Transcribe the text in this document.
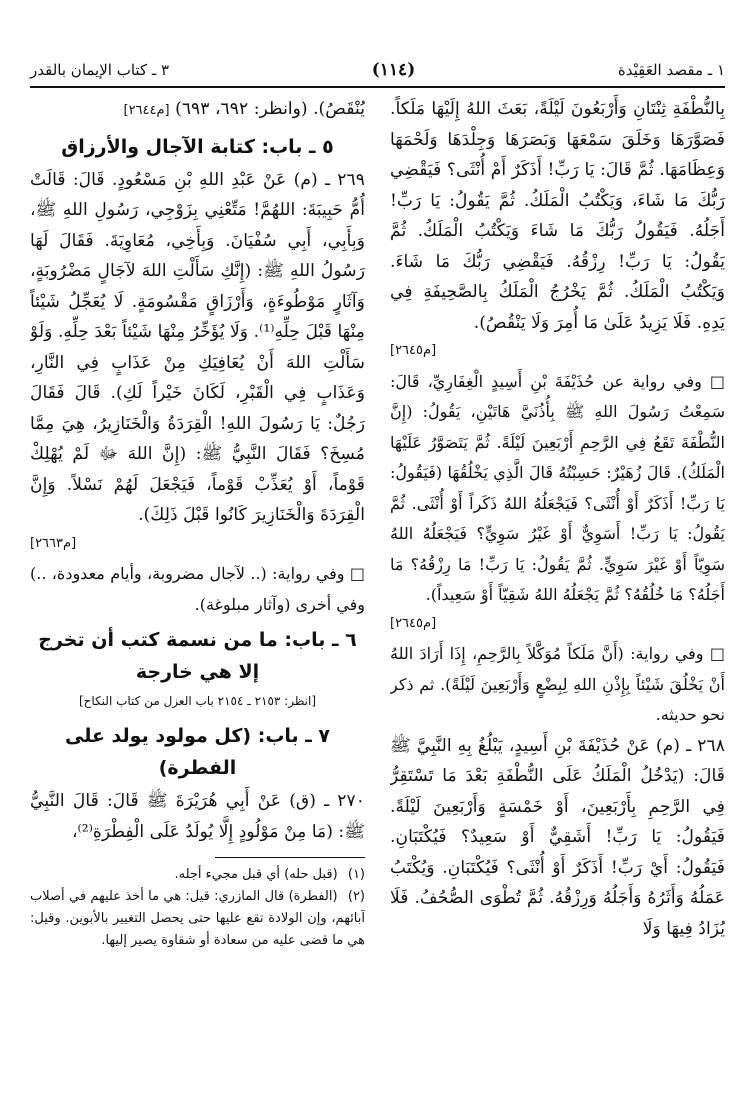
١ ـ مقصد العَقِيْدة
(١١٤)
٣ ـ كتاب الإيمان بالقدر

بِالنُّطْفَةِ ثِنْتَانِ وَأَرْبَعُونَ لَيْلَةً، بَعَثَ اللهُ إِلَيْهَا مَلَكاً. فَصَوَّرَهَا وَخَلَقَ سَمْعَهَا وَبَصَرَهَا وَجِلْدَهَا وَلَحْمَهَا وَعِظَامَهَا. ثُمَّ قَالَ: يَا رَبِّ! أَذَكَرٌ أَمْ أُنْثَى؟ فَيَقْضِي رَبُّكَ مَا شَاءَ، وَيَكْتُبُ الْمَلَكُ. ثُمَّ يَقُولُ: يَا رَبِّ! أَجَلُهُ. فَيَقُولُ رَبُّكَ مَا شَاءَ وَيَكْتُبُ الْمَلَكُ. ثُمَّ يَقُولُ: يَا رَبِّ! رِزْقُهُ. فَيَقْضِي رَبُّكَ مَا شَاءَ. وَيَكْتُبُ الْمَلَكُ. ثُمَّ يَخْرُجُ الْمَلَكُ بِالصَّحِيفَةِ فِي يَدِهِ. فَلَا يَزِيدُ عَلَىٰ مَا أُمِرَ وَلَا يَنْقُصُ).

[م٢٦٤٥]

□ وفي رواية عن حُذَيْفَةَ بْنِ أَسِيدٍ الْغِفَارِيِّ، قَالَ: سَمِعْتُ رَسُولَ اللهِ ﷺ بِأُذُنَيَّ هَاتَيْنِ، يَقُولُ: (إِنَّ النُّطْفَةَ تَقَعُ فِي الرَّحِمِ أَرْبَعِينَ لَيْلَةً. ثُمَّ يَتَصَوَّرُ عَلَيْهَا الْمَلَكُ). قَالَ زُهَيْرٌ: حَسِبْتُهُ قَالَ الَّذِي يَخْلُقُهَا (فَيَقُولُ: يَا رَبِّ! أَذَكَرٌ أَوْ أُنْثَى؟ فَيَجْعَلُهُ اللهُ ذَكَراً أَوْ أُنْثَى. ثُمَّ يَقُولُ: يَا رَبِّ! أَسَوِيٌّ أَوْ غَيْرُ سَوِيٍّ؟ فَيَجْعَلُهُ اللهُ سَوِيّاً أَوْ غَيْرَ سَوِيٍّ. ثُمَّ يَقُولُ: يَا رَبِّ! مَا رِزْقُهُ؟ مَا أَجَلُهُ؟ مَا خُلُقُهُ؟ ثُمَّ يَجْعَلُهُ اللهُ شَقِيّاً أَوْ سَعِيداً).

[م٢٦٤٥]

□ وفي رواية: (أَنَّ مَلَكاً مُوَكَّلاً بِالرَّحِمِ، إِذَا أَرَادَ اللهُ أَنْ يَخْلُقَ شَيْئاً بِإِذْنِ اللهِ لِبِضْعٍ وَأَرْبَعِينَ لَيْلَةً). ثم ذكر نحو حديثه.

٢٦٨ ـ (م) عَنْ حُذَيْفَةَ بْنِ أَسِيدٍ، يَبْلُغُ بِهِ النَّبِيَّ ﷺ قَالَ: (يَدْخُلُ الْمَلَكُ عَلَى النُّطْفَةِ بَعْدَ مَا تَسْتَقِرُّ فِي الرَّحِمِ بِأَرْبَعِينَ، أَوْ خَمْسَةٍ وَأَرْبَعِينَ لَيْلَةً. فَيَقُولُ: يَا رَبِّ! أَشَقِيٌّ أَوْ سَعِيدٌ؟ فَيُكْتَبَانِ. فَيَقُولُ: أَيْ رَبِّ! أَذَكَرٌ أَوْ أُنْثَى؟ فَيُكْتَبَانِ. وَيُكْتَبُ عَمَلُهُ وَأَثَرُهُ وَأَجَلُهُ وَرِزْقُهُ. ثُمَّ تُطْوَى الصُّحُفُ. فَلَا يُزَادُ فِيهَا وَلَا

يُنْقَصُ). (وانظر: ٦٩٢، ٦٩٣) [م٢٦٤٤]

٥ ـ باب: كتابة الآجال والأرزاق

٢٦٩ ـ (م) عَنْ عَبْدِ اللهِ بْنِ مَسْعُودٍ. قَالَ: قَالَتْ أُمُّ حَبِيبَةَ: اللهُمَّ! مَتِّعْنِي بِزَوْجِي، رَسُولِ اللهِ ﷺ، وَبِأَبِي، أَبِي سُفْيَانَ. وَبِأَخِي، مُعَاوِيَةَ. فَقَالَ لَهَا رَسُولُ اللهِ ﷺ: (إِنَّكِ سَأَلْتِ اللهَ لآجَالٍ مَضْرُوبَةٍ، وَآثَارٍ مَوْطُوءَةٍ، وَأَرْزَاقٍ مَقْسُومَةٍ. لَا يُعَجِّلُ شَيْئاً مِنْهَا قَبْلَ حِلِّهِ⁽¹⁾. وَلَا يُؤَخِّرُ مِنْهَا شَيْئاً بَعْدَ حِلِّهِ. وَلَوْ سَأَلْتِ اللهَ أَنْ يُعَافِيَكِ مِنْ عَذَابٍ فِي النَّارِ، وَعَذَابٍ فِي الْقَبْرِ، لَكَانَ خَيْراً لَكِ). قَالَ فَقَالَ رَجُلٌ: يَا رَسُولَ اللهِ! الْقِرَدَةُ وَالْخَنَازِيرُ، هِيَ مِمَّا مُسِخَ؟ فَقَالَ النَّبِيُّ ﷺ: (إِنَّ اللهَ ﷻ لَمْ يُهْلِكْ قَوْماً، أَوْ يُعَذِّبْ قَوْماً، فَيَجْعَلَ لَهُمْ نَسْلاً. وَإِنَّ الْقِرَدَةَ وَالْخَنَازِيرَ كَانُوا قَبْلَ ذَلِكَ).

[م٢٦٦٣]

□ وفي رواية: (.. لآجال مضروبة، وأيام معدودة، ..) وفي أخرى (وآثار مبلوغة).

٦ ـ باب: ما من نسمة كتب أن تخرج
إلا هي خارجة
[انظر: ٢١٥٣ ـ ٢١٥٤ باب العزل من كتاب النكاح]
٧ ـ باب: (كل مولود يولد على الفطرة)

٢٧٠ ـ (ق) عَنْ أَبِي هُرَيْرَةَ ﷺ قَالَ: قَالَ النَّبِيُّ ﷺ: (مَا مِنْ مَوْلُودٍ إِلَّا يُولَدُ عَلَى الْفِطْرَةِ⁽²⁾،

(١) (قبل حله) أي قبل مجيء أجله.

(٢) (الفطرة) قال المازري: قيل: هي ما أخذ عليهم في أصلاب آبائهم، وإن الولادة تقع عليها حتى يحصل التغيير بالأبوين. وقيل: هي ما قضى عليه من سعادة أو شقاوة يصير إليها.
